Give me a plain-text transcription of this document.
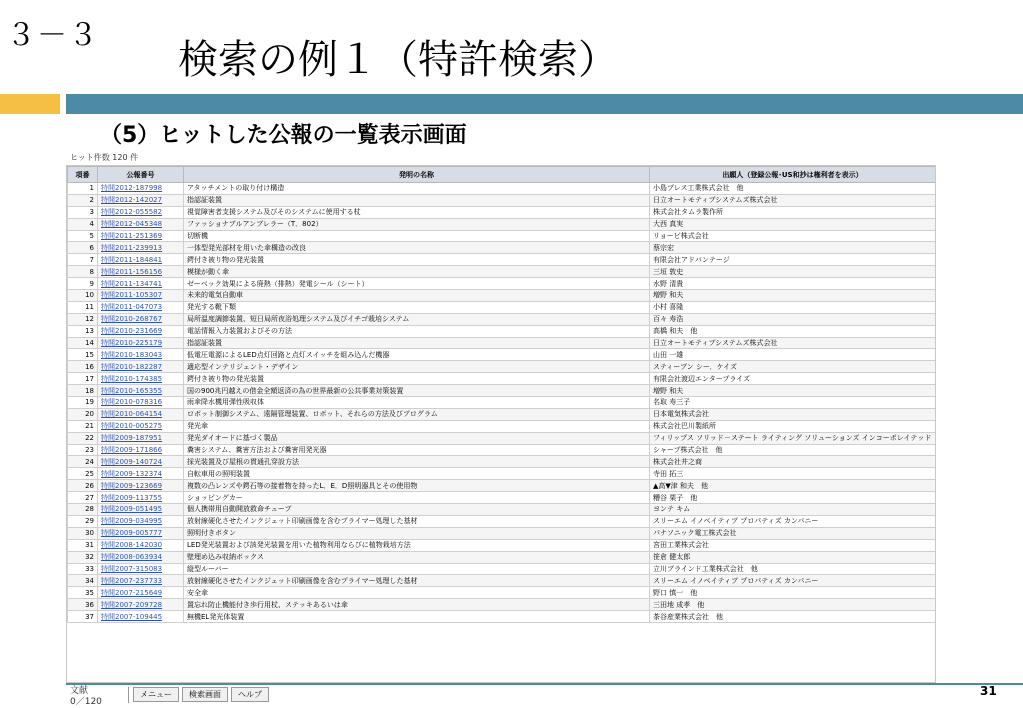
３－３
検索の例１（特許検索）
（5）ヒットした公報の一覧表示画面
ヒット件数 120 件
項番	公報番号	発明の名称	出願人（登録公報･US和抄は権利者を表示）
1	特開2012-187998	アタッチメントの取り付け構造	小島プレス工業株式会社　他
2	特開2012-142027	指認証装置	日立オートモティブシステムズ株式会社
3	特開2012-055582	視覚障害者支援システム及びそのシステムに使用する杖	株式会社タムラ製作所
4	特開2012-045348	ファッショナブルアンブレラー（T．802）	大西 真実
5	特開2011-251369	切断機	リョービ株式会社
6	特開2011-239913	一体型発光部材を用いた傘構造の改良	蔡宗宏
7	特開2011-184841	鍔付き被り物の発光装置	有限会社アドバンテージ
8	特開2011-156156	模様が動く傘	三垣 敦史
9	特開2011-134741	ゼーベック効果による廃熱（排熱）発電シール（シート）	水野 清貴
10	特開2011-105307	未来的電気自動車	増野 和夫
11	特開2011-047073	発光する靴下類	小村 喜隆
12	特開2010-268767	局所温度調節装置、短日局所夜浴処理システム及びイチゴ栽培システム	百々 寿浩
13	特開2010-231669	電話情報入力装置およびその方法	高橋 和夫　他
14	特開2010-225179	指認証装置	日立オートモティブシステムズ株式会社
15	特開2010-183043	低電圧電源によるLED点灯回路と点灯スイッチを組み込んだ機器	山田 一雄
16	特開2010-182287	適応型インテリジェント・デザイン	スティーブン シー．ケイズ
17	特開2010-174385	鍔付き被り物の発光装置	有限会社渡辺エンタープライズ
18	特開2010-165355	国の900兆円越えの借金全額返済の為の世界最新の公共事業対策装置	増野 和夫
19	特開2010-078316	雨傘降水機用弾性吸収体	名取 寿三子
20	特開2010-064154	ロボット制御システム、遠隔管理装置、ロボット、それらの方法及びプログラム	日本電気株式会社
21	特開2010-005275	発光傘	株式会社巴川製紙所
22	特開2009-187951	発光ダイオードに基づく製品	フィリップス ソリッド－ステート ライティング ソリューションズ インコーポレイテッド
23	特開2009-171866	糞害システム、糞害方法および糞害用発光器	シャープ株式会社　他
24	特開2009-140724	採光装置及び屋根の貫通孔穿設方法	株式会社井之商
25	特開2009-132374	自転車用の照明装置	寺田 拓三
26	特開2009-123669	複数の凸レンズや鍔石等の接着物を持ったL．E．D照明器具とその使用物	▲高▼津 和夫　他
27	特開2009-113755	ショッピングカー	糟谷 栗子　他
28	特開2009-051495	個人携帯用自動開放救命チューブ	ヨンテ キム
29	特開2009-034995	放射線硬化させたインクジェット印刷画像を含むプライマー処理した基材	スリーエム イノベイティブ プロパティズ カンパニー
30	特開2009-005777	照明付きボタン	パナソニック電工株式会社
31	特開2008-142030	LED発光装置および該発光装置を用いた植物利用ならびに植物栽培方法	宮田工業株式会社
32	特開2008-063934	壁埋め込み収納ボックス	笹倉 健太郎
33	特開2007-315083	縦型ルーバー	立川ブラインド工業株式会社　他
34	特開2007-237733	放射線硬化させたインクジェット印刷画像を含むプライマー処理した基材	スリーエム イノベイティブ プロパティズ カンパニー
35	特開2007-215649	安全傘	野口 慎一　他
36	特開2007-209728	置忘れ防止機能付き歩行用杖、ステッキあるいは傘	三田地 成孝　他
37	特開2007-109445	無機EL発光体装置	茶谷産業株式会社　他
文献
0／120
メニュー	検索画面	ヘルプ	31
